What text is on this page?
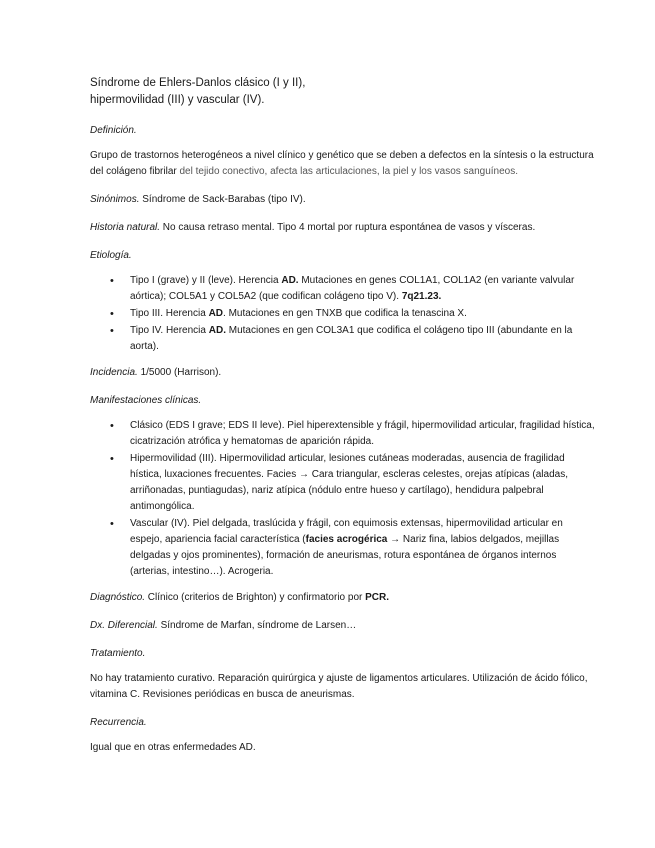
Síndrome de Ehlers-Danlos clásico (I y II),
hipermovilidad (III) y vascular (IV).

Definición.

Grupo de trastornos heterogéneos a nivel clínico y genético que se deben a defectos en la síntesis o la estructura del colágeno fibrilar del tejido conectivo, afecta las articulaciones, la piel y los vasos sanguíneos.

Sinónimos. Síndrome de Sack-Barabas (tipo IV).

Historia natural. No causa retraso mental. Tipo 4 mortal por ruptura espontánea de vasos y vísceras.

Etiología.

• Tipo I (grave) y II (leve). Herencia AD. Mutaciones en genes COL1A1, COL1A2 (en variante valvular aórtica); COL5A1 y COL5A2 (que codifican colágeno tipo V). 7q21.23.
• Tipo III. Herencia AD. Mutaciones en gen TNXB que codifica la tenascina X.
• Tipo IV. Herencia AD. Mutaciones en gen COL3A1 que codifica el colágeno tipo III (abundante en la aorta).

Incidencia. 1/5000 (Harrison).

Manifestaciones clínicas.

• Clásico (EDS I grave; EDS II leve). Piel hiperextensible y frágil, hipermovilidad articular, fragilidad hística, cicatrización atrófica y hematomas de aparición rápida.
• Hipermovilidad (III). Hipermovilidad articular, lesiones cutáneas moderadas, ausencia de fragilidad hística, luxaciones frecuentes. Facies → Cara triangular, escleras celestes, orejas atípicas (aladas, arriñonadas, puntiagudas), nariz atípica (nódulo entre hueso y cartílago), hendidura palpebral antimongólica.
• Vascular (IV). Piel delgada, traslúcida y frágil, con equimosis extensas, hipermovilidad articular en espejo, apariencia facial característica (facies acrogérica → Nariz fina, labios delgados, mejillas delgadas y ojos prominentes), formación de aneurismas, rotura espontánea de órganos internos (arterias, intestino…). Acrogeria.

Diagnóstico. Clínico (criterios de Brighton) y confirmatorio por PCR.

Dx. Diferencial. Síndrome de Marfan, síndrome de Larsen…

Tratamiento.

No hay tratamiento curativo. Reparación quirúrgica y ajuste de ligamentos articulares. Utilización de ácido fólico, vitamina C. Revisiones periódicas en busca de aneurismas.

Recurrencia.

Igual que en otras enfermedades AD.
